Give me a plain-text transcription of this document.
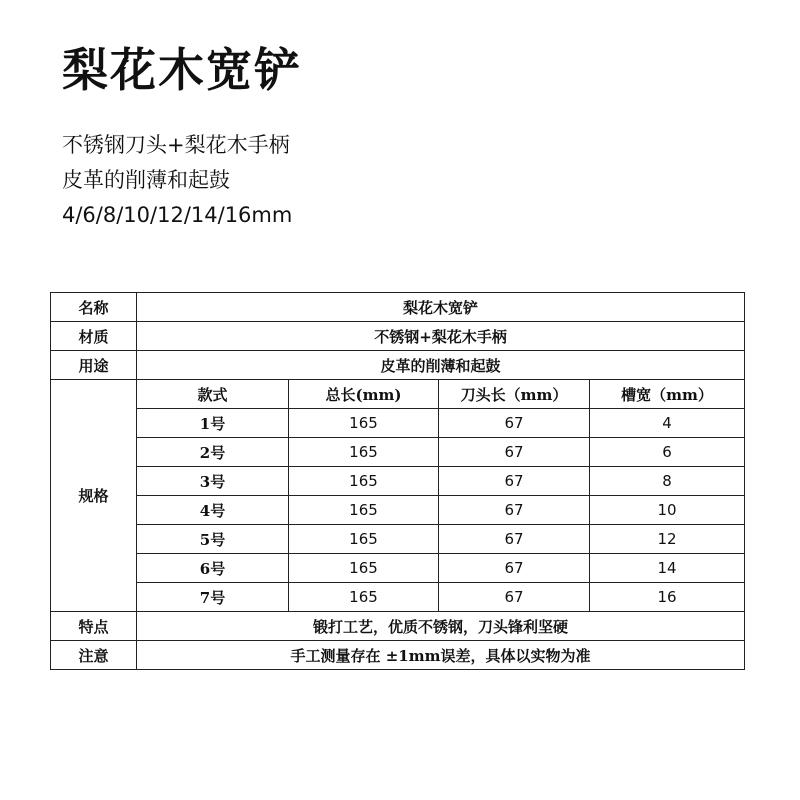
梨花木宽铲
不锈钢刀头+梨花木手柄
皮革的削薄和起鼓
4/6/8/10/12/14/16mm
名称	梨花木宽铲			
材质	不锈钢+梨花木手柄			
用途	皮革的削薄和起鼓			
规格	款式	总长(mm)	刀头长（mm）	槽宽（mm）
	1号	165	67	4
	2号	165	67	6
	3号	165	67	8
	4号	165	67	10
	5号	165	67	12
	6号	165	67	14
	7号	165	67	16
特点	锻打工艺，优质不锈钢，刀头锋利坚硬			
注意	手工测量存在 ±1mm误差，具体以实物为准			
